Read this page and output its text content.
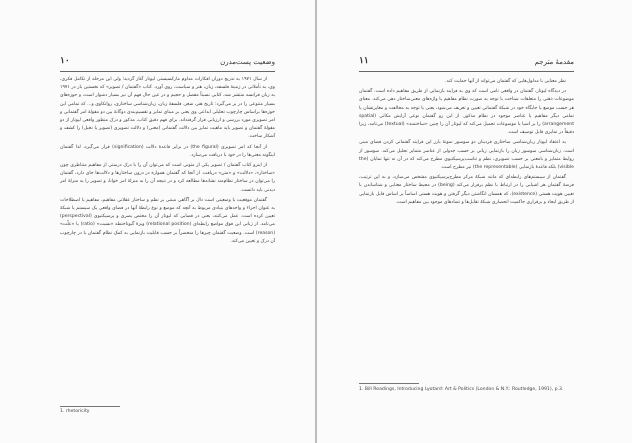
وضعیت پست‌مدرن
۱۰

از سال ۱۹۷۱ به تدریج دوران افکارات مداوم مارکسیستی لیوتار آغاز گردید؛ ولی این مرحله از تکامل فکری، وی، به تأملاتی در زمینهٔ فلسفه، زبان، هنر و سیاست، روی آورد. کتاب «گفتمان / تصویر» که نخستین بار در ۱۹۷۱ به زبان فرانسه منتشر شد، کتابی نسبتاً مفصل و حجیم و در عین حال فهم آن نیز بسیار دشوار است، و حوزه‌های بسیار متنوعی را در بر می‌گیرد: تاریخ هنر، شعر، فلسفهٔ زبان، زبان‌شناسی ساختاری، روانکاوی و... که تمامی این حوزه‌ها براساس چارچوب تحلیلی ابداعی وی یعنی بر مبنای تمایز و تقسیم‌بندی دوگانهٔ بین دو مقولهٔ امر گفتمانی و امر تصویری مورد بررسی و ارزیابی قرار گرفته‌اند. برای فهم دقیق کتاب، مذکور و درک منظور واقعی لیوتار از دو مقولهٔ گفتمان و تصویر باید ماهیت تمایز بین دلالت گفتمانی (معنی) و دلالت تصویری (تصویر یا تخیل) را کشف و آشکار ساخت.

از آنجا که امر تصویری (the figural) در برابر قاعدهٔ دلالت (signification) قرار می‌گیرد، لذا گفتمان اینگونه معنی‌ها را در خود با دریافت می‌سازد.

از اینرو کتاب گفتمان / تصویر یکی از متونی است که می‌توان آن را با درک درستی از مفاهیم متناظری چون «ساختار»، «دلالت» و «متن» دریافت. از آنجا که گفتمان همواره در درون ساختارها و دلالت‌ها جای دارد، گفتمان را می‌توان در ساختار نظام‌مند نشانه‌ها مطالعه کرد و در نتیجه آن را به منزلهٔ امر خوانا، و تصویر را به منزلهٔ امر دیدنی باید دانست.

گفتمان موقعیت یا وضعیتی است دال بر آگاهی مبتنی بر نظم و ساختار عقلانی مفاهیم، مفاهیم یا اصطلاحات به عنوان اجزاء و واحدهای بنیادی مربوط به آنچه که موضع و نوع رابطهٔ آنها در فضای واقعی یک سیستم یا شبکهٔ تعیین کرده است. عمل می‌کنند، یعنی در فضایی که لیوتار آن را مختص بصری و پرسپکتیوی (perspectival) می‌نامد. از زبانی این فوق مواضع رابطه‌ای (relational position) ویژهٔ گیوتاختطه «نسبت» (ratio) یا «علّت» (reason) است. وضعیت گفتمان چیزها را منحصراً بر حسب قابلیت بازنمایی به کمک نظام گفتمان با در چارچوب آن درک و تعیین می‌کند.

1. rhetoricity
مقدمهٔ مترجم
۱۱

نظر معنایی با مدلول‌هایی که گفتمان می‌تواند از آنها حمایت کند.

در دیدگاه لیوتار، گفتمان در واقعی نامی است که وی به فرایند بازنمایی از طریق مفاهیم داده است. گفتمان موضوعات ذهنی را متعلقات شناخت با توجه به صورت نظام مفاهیم یا واژه‌های معنی‌ساختار دهی می‌کند. معنای هر حسب موضع یا جایگاه خود در شبکهٔ گفتمانی تعیین و تعریف می‌شود، یعنی با توجه به مخالفت و مغایرتشان با تمامی دیگر مفاهیم یا عناصر موجود در نظام مذکور. از این رو گفتمان نوعی آرایش مکانی (spatial arrangement) را بر اشیا یا موضوعات تحمیل می‌کند که لیوتار آن را چنین «ساختمند» (textual) می‌نامد، زیرا دقیقاً در تمایزی قابل توصیف است.

به اعتقاد لیوتار زبان‌شناسی ساختاری فردینان دو سوسور نمونهٔ بارز این فرایند گفتمانی کردن فضای مبنی است. زبان‌شناسی سوسور زبان را بازنمایی زبانی بر حسب جدولی از عناصر متمایز تحلیل می‌کند. سوسور از روابط متمایز و بامعنی بر حسب تصویری، نظم و تناسب‌پرسپکتیوی مطرح می‌کند که در آن نه تنها نمایان (the visible) بلکه قاعدهٔ بازنمایی (the representable) نیز مطرح است.

گفتمان از سیستم‌های رابطه‌ای که مانند شبکهٔ مرکز مطرح‌پرسپکتیوی مشخص می‌سازد، و به این ترتیب، فرضهٔ گفتمان هر اشیایی را در ارتباط با نظم برقرار می‌کند (being) در محیط ساختار معنایی و شناساندن با تعیین هویت هستی (existence)، که همسان انگاشتن دیگر گرفتن و هویت هستی اساساً بر اساس قابل بازنمایی از طریق ایجاد و برقراری حاکمیت انحصاری شبکهٔ تقابل‌ها و تضادهای موجود بین مفاهیم است.

1. Bill Readings, Introducing Lyotard: Art & Politics (London & N.Y.: Routledge, 1991), p.3.
